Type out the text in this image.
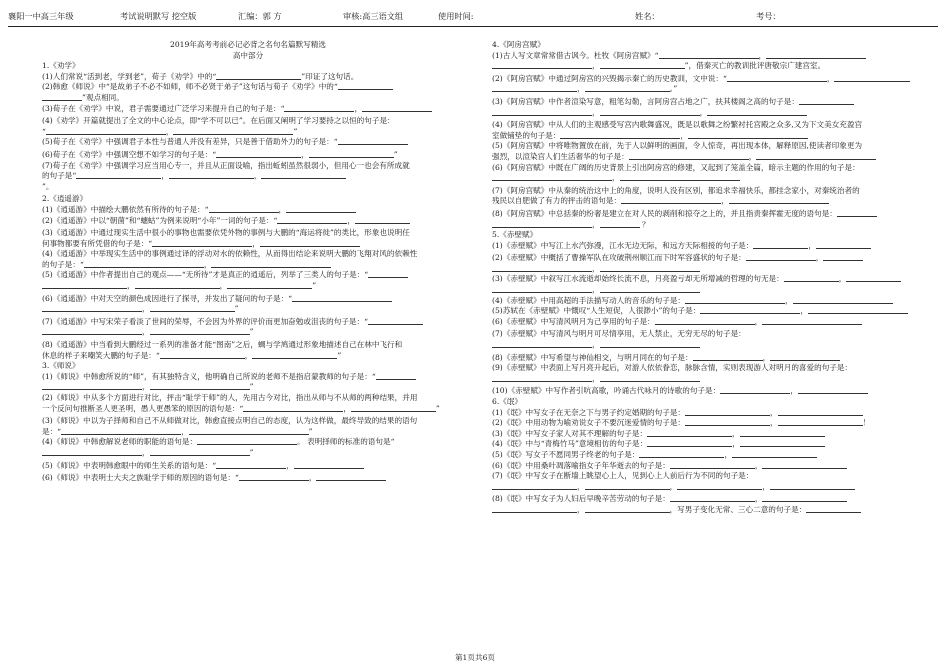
襄阳一中高三年级	考试说明默写 挖空版	汇编：郭 方	审核:高三语文组	使用时间:	姓名：	考号：
2019年高考考前必记必背之名句名篇默写精选
高中部分
1.《劝学》
(1)人们常说“活到老，学到老”，荀子《劝学》中的“	”印证了这句话。
(2)韩愈《师说》中“是故弟子不必不如师，师不必贤于弟子”这句话与荀子《劝学》中的“
”观点相同。
(3)荀子在《劝学》中说，君子需要通过广泛学习来提升自己的句子是：“	，
(4)《劝学》开篇就提出了全文的中心论点，即“学不可以已”。在后面又阐明了学习要持之以恒的句子是：
“	，	”
(5)荀子在《劝学》中强调君子本性与普通人并没有差异，只是善于借助外力的句子是：“
(6)荀子在《劝学》中强调空想不如学习的句子是：“	，	”
(7)荀子在《劝学》中强调学习应当用心专一，并且从正面设喻，指出蚯蚓虽然很弱小，但用心一也会有所成就
的句子是“	，	，
”。
2.《逍遥游》
(1)《逍遥游》中描绘大鹏依然有所待的句子是：“	，
(2)《逍遥游》中以“朝菌”和“蟪蛄”为例来说明“小年”一词的句子是：“	，
(3)《逍遥游》中通过现实生活中很小的事物也需要依凭外物的事例与大鹏的“海运将徙”的类比，形象也说明任
何事物都要有所凭借的句子是：“	，
(4)《逍遥游》中举现实生活中的事例通过译的浮动对水的依赖性，从而得出结论来说明大鹏的飞翔对风的依赖性
的句子是：“	，
(5)《逍遥游》中作者提出自己的观点——“无所待”才是真正的逍遥后，列举了三类人的句子是：“
，	，	”
(6)《逍遥游》中对天空的颜色成因进行了探寻，并发出了疑问的句子是：“
，	”
(7)《逍遥游》中写宋荣子看淡了世间的荣辱，不会因为外界的评价而更加奋勉或沮丧的句子是：“
，	”
(8)《逍遥游》中当看到大鹏经过一系列的准备才能“图南”之后，蜩与学鸠通过形象地描述自己在林中飞行和
休息的样子来嘲笑大鹏的句子是：“	，	”
3.《师说》
(1)《师说》中韩愈所说的“师”，有其独特含义，他明确自己所说的老师不是指启蒙教师的句子是：“
，	”
(2)《师说》中从多个方面进行对比，抨击“耻学于师”的人，先用古今对比，指出从师与不从师的两种结果，并用
一个反问句推断圣人更圣明，愚人更愚笨的原因的语句是：“	，	”
(3)《师说》中以为子择师和自己不从师做对比，韩愈直接点明自己的态度，认为这样做，最终导致的结果的语句
是：“	，	”
(4)《师说》中韩愈解说老师的职能的语句是：	。 表明择师的标准的语句是“
，	”
(5)《师说》中表明韩愈眼中的师生关系的语句是：“	，
(6)《师说》中表明士大夫之族耻学于师的原因的语句是：“	，
4.《阿房宫赋》
(1)古人写文章常常借古讽今。杜牧《阿房宫赋》“	，
，	”，借秦灭亡的教训批评唐敬宗广建宫室。
(2)《阿房宫赋》中通过阿房宫的兴毁揭示秦亡的历史教训，文中说：“	，
，	。”
(3)《阿房宫赋》中作者渲染写意，粗笔勾勒，言阿房宫占地之广，扶其楼阁之高的句子是：
，	，
(4)《阿房宫赋》中从人们的主观感受写宫内歌舞盛况，既是以歌舞之纷繁衬托宫殿之众多,又为下文美女充盈宫
室做铺垫的句子是：	，
(5)《阿房宫赋》中将唯物置放在前，先于人以鲜明的画面，令人惊奇，再出现本体，解释原因,使读者印象更为
强烈，以渲染宫人们生活奢华的句子是：	，
(6)《阿房宫赋》中既在广阔的历史背景上引出阿房宫的修建，又起到了笼盖全篇，暗示主题的作用的句子是：
，
(7)《阿房宫赋》中从秦的统治这中上的角度，说明人没有区别，都追求幸福快乐，都挂念家小，对秦统治者的
残民以自肥做了有力的抨击的语句是：	，
(8)《阿房宫赋》中总括秦的纷奢是建立在对人民的剥削和掠夺之上的，并且指责秦挥霍无度的语句是：
，	？
5.《赤壁赋》
(1)《赤壁赋》中写江上水汽弥漫，江水无边无际，和远方天际相接的句子是：	，
(2)《赤壁赋》中概括了曹操军队在攻破荆州顺江而下时军容盛状的句子是：	，
，
(3)《赤壁赋》中叙写江水流逝却始终长流不息，月亮盈亏却无所增减的哲理的句无是：	，
，
(4)《赤壁赋》中用高超的手法描写动人的音乐的句子是：	，
(5)苏轼在《赤壁赋》中慨叹“人生短促，人很渺小”的句子是：	，
(6)《赤壁赋》中写清风明月为己享用的句子是：	，
(7)《赤壁赋》中写清风与明月可尽情享用，无人禁止，无穷无尽的句子是：
，
(8)《赤壁赋》中写希望与神仙相交，与明月同在的句子是：	，
(9)《赤壁赋》中表面上写月亮升起后，对游人依依眷恋，脉脉含情，实则表现游人对明月的喜爱的句子是：
，
(10)《赤壁赋》中写作者引吭高歌，吟诵古代咏月的诗歌的句子是：	，
6.《氓》
(1)《氓》中写女子在无奈之下与男子约定婚期的句子是：	，
(2)《氓》中用动物为喻劝说女子不要沉迷爱情的句子是：	，	！
(3)《氓》中写女子家人对其不理解的句子是：	，
(4)《氓》中与“青梅竹马”意境相仿的句子是：	，
(5)《氓》写女子不愿同男子终老的句子是：	，
(6)《氓》中用桑叶凋落喻指女子年华逝去的句子是：	，
(7)《氓》中写女子在断墙上眺望心上人，见到心上人前后行为不同的句子是：
，	，	，
(8)《氓》中写女子为人妇后早晚辛苦劳动的句子是：	，
，	，写男子变化无常、三心二意的句子是：
第1页共6页
